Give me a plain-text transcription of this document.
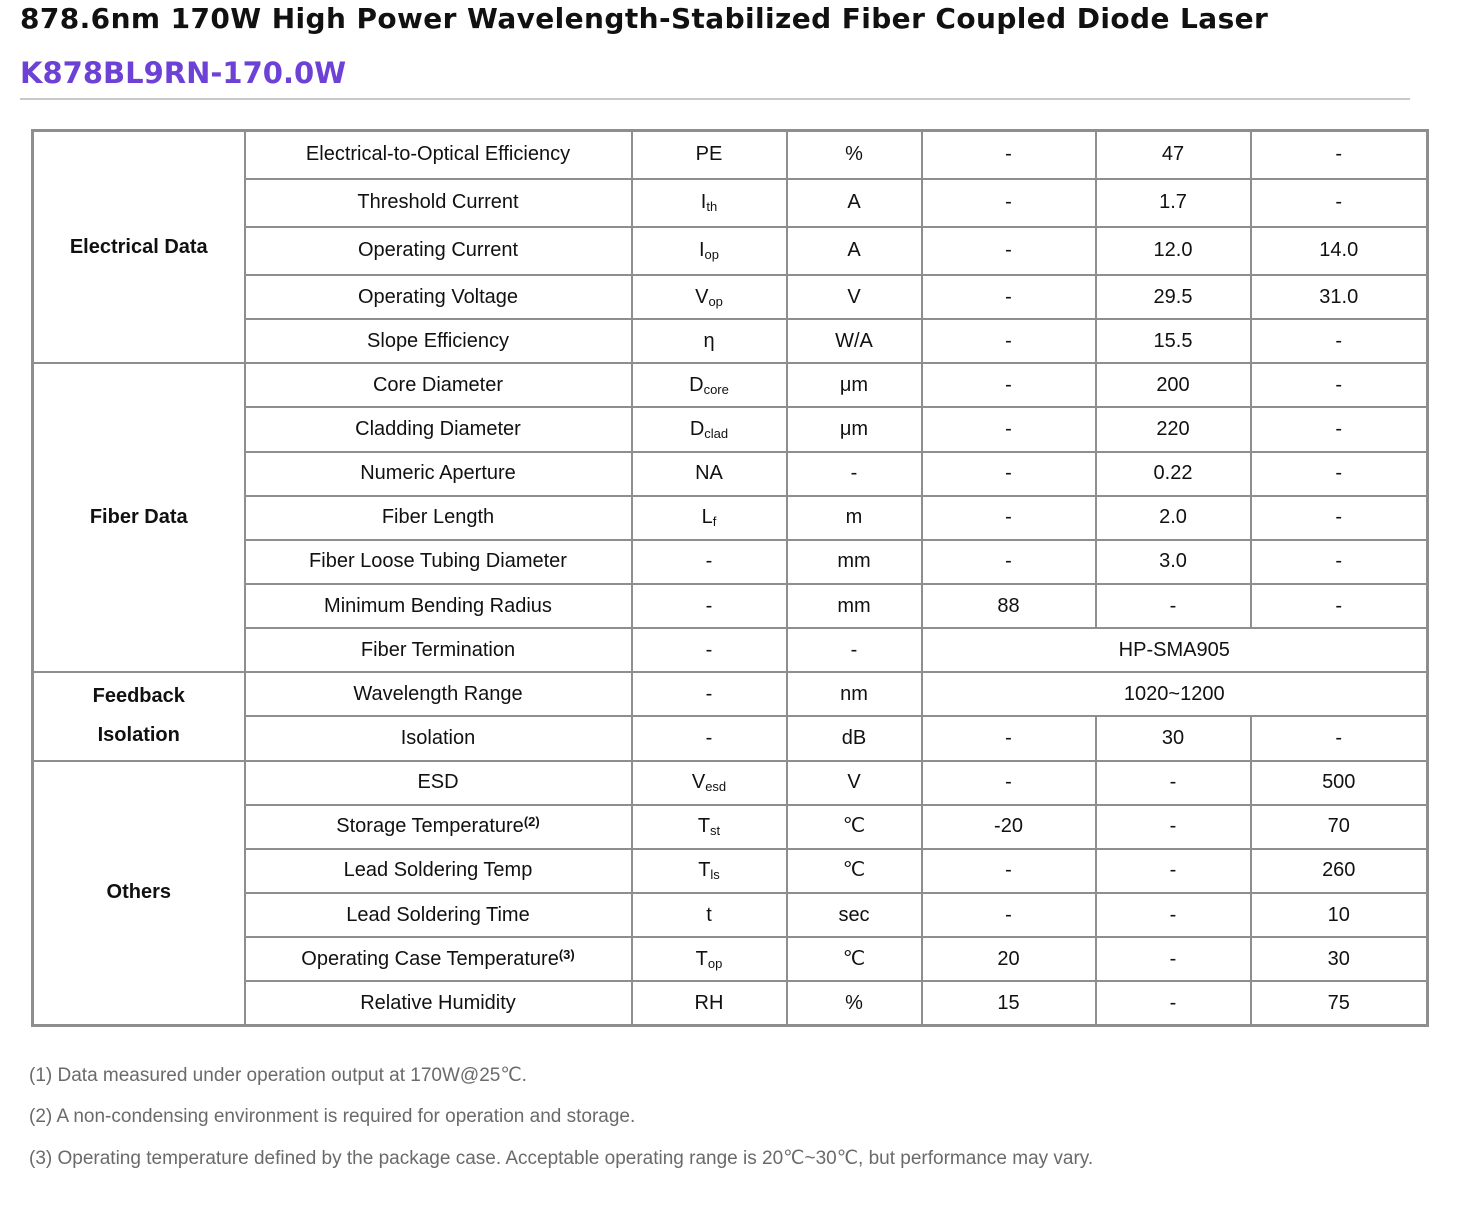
878.6nm 170W High Power Wavelength-Stabilized Fiber Coupled Diode Laser
K878BL9RN-170.0W
Electrical Data	Electrical-to-Optical Efficiency	PE	%	-	47	-
	Threshold Current	$I_{th}$	A	-	1.7	-
	Operating Current	$I_{op}$	A	-	12.0	14.0
	Operating Voltage	$V_{op}$	V	-	29.5	31.0
	Slope Efficiency	η	W/A	-	15.5	-

Fiber Data	Core Diameter	$D_{core}$	μm	-	200	-
	Cladding Diameter	$D_{clad}$	μm	-	220	-
	Numeric Aperture	NA	-	-	0.22	-
	Fiber Length	$L_f$	m	-	2.0	-
	Fiber Loose Tubing Diameter	-	mm	-	3.0	-
	Minimum Bending Radius	-	mm	88	-	-
	Fiber Termination	-	-	HP-SMA905		

Feedback
Isolation	Wavelength Range	-	nm	1020~1200		
	Isolation	-	dB	-	30	-

Others	ESD	$V_{esd}$	V	-	-	500
	Storage Temperature$^{(2)}$	$T_{st}$	℃	-20	-	70
	Lead Soldering Temp	$T_{ls}$	℃	-	-	260
	Lead Soldering Time	t	sec	-	-	10
	Operating Case Temperature$^{(3)}$	$T_{op}$	℃	20	-	30
	Relative Humidity	RH	%	15	-	75
(1) Data measured under operation output at 170W@25℃.
(2) A non-condensing environment is required for operation and storage.
(3) Operating temperature defined by the package case. Acceptable operating range is 20℃~30℃, but performance may vary.
